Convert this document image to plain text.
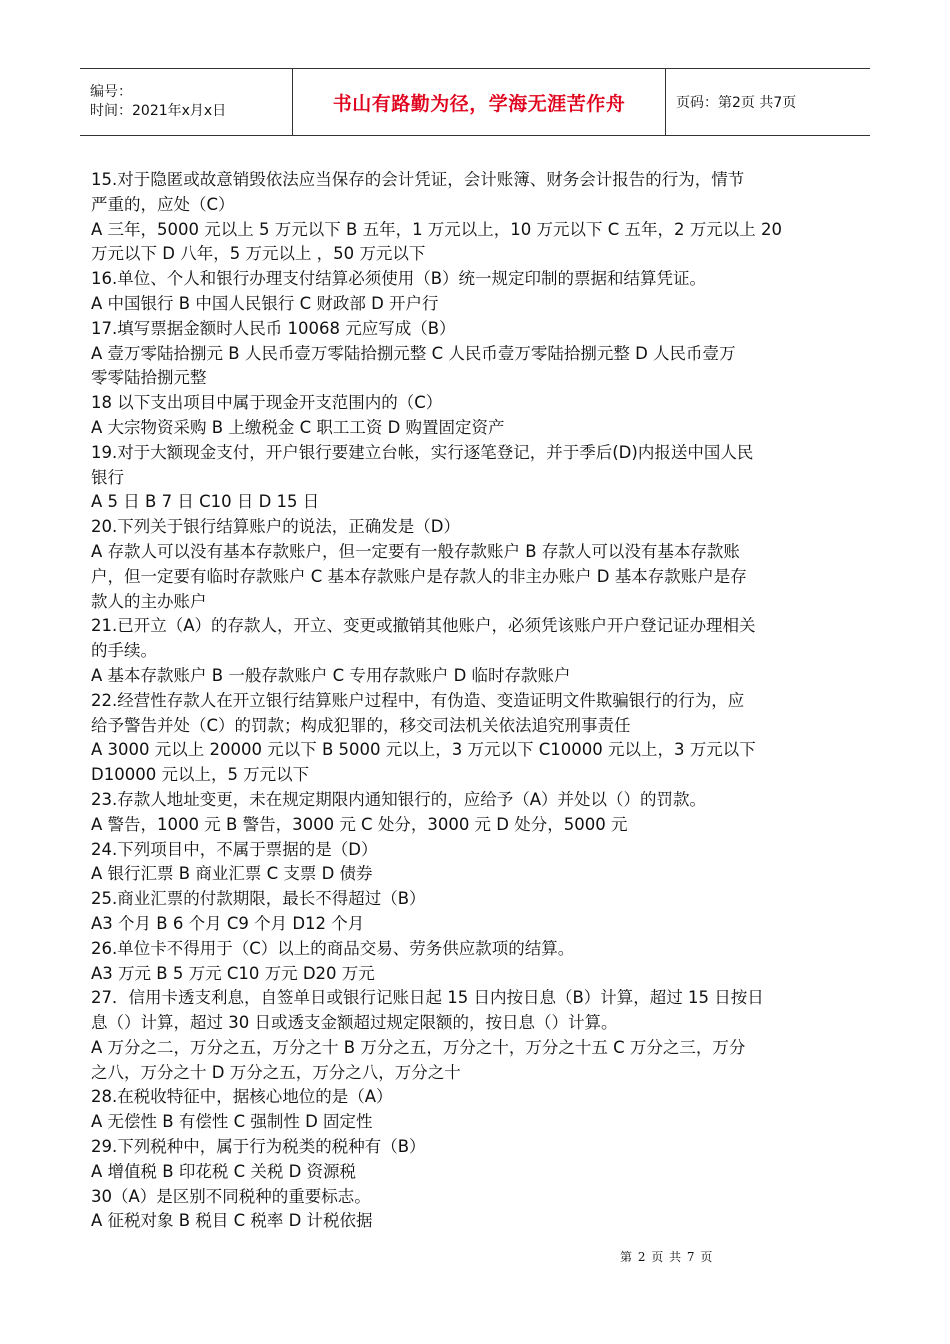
编号：
时间：2021年x月x日	书山有路勤为径，学海无涯苦作舟	页码：第2页 共7页

15.对于隐匿或故意销毁依法应当保存的会计凭证，会计账簿、财务会计报告的行为，情节

严重的，应处（C）

A 三年，5000 元以上 5 万元以下 B 五年，1 万元以上，10 万元以下 C 五年，2 万元以上 20

万元以下 D 八年，5 万元以上 ，50 万元以下

16.单位、个人和银行办理支付结算必须使用（B）统一规定印制的票据和结算凭证。

A 中国银行 B 中国人民银行 C 财政部 D 开户行

17.填写票据金额时人民币 10068 元应写成（B）

A 壹万零陆拾捌元 B 人民币壹万零陆拾捌元整 C 人民币壹万零陆拾捌元整 D 人民币壹万

零零陆拾捌元整

18 以下支出项目中属于现金开支范围内的（C）

A 大宗物资采购 B 上缴税金 C 职工工资 D 购置固定资产

19.对于大额现金支付，开户银行要建立台帐，实行逐笔登记，并于季后(D)内报送中国人民

银行

A 5 日 B 7 日 C10 日 D 15 日

20.下列关于银行结算账户的说法，正确发是（D）

A 存款人可以没有基本存款账户，但一定要有一般存款账户 B 存款人可以没有基本存款账

户，但一定要有临时存款账户 C 基本存款账户是存款人的非主办账户 D 基本存款账户是存

款人的主办账户

21.已开立（A）的存款人，开立、变更或撤销其他账户，必须凭该账户开户登记证办理相关

的手续。

A 基本存款账户 B 一般存款账户 C 专用存款账户 D 临时存款账户

22.经营性存款人在开立银行结算账户过程中，有伪造、变造证明文件欺骗银行的行为，应

给予警告并处（C）的罚款；构成犯罪的，移交司法机关依法追究刑事责任

A 3000 元以上 20000 元以下 B 5000 元以上，3 万元以下 C10000 元以上，3 万元以下

D10000 元以上，5 万元以下

23.存款人地址变更，未在规定期限内通知银行的，应给予（A）并处以（）的罚款。

A 警告，1000 元 B 警告，3000 元 C 处分，3000 元 D 处分，5000 元

24.下列项目中，不属于票据的是（D）

A 银行汇票 B 商业汇票 C 支票 D 债券

25.商业汇票的付款期限，最长不得超过（B）

A3 个月 B 6 个月 C9 个月 D12 个月

26.单位卡不得用于（C）以上的商品交易、劳务供应款项的结算。

A3 万元 B 5 万元 C10 万元 D20 万元

27．信用卡透支利息，自签单日或银行记账日起 15 日内按日息（B）计算，超过 15 日按日

息（）计算，超过 30 日或透支金额超过规定限额的，按日息（）计算。

A 万分之二，万分之五，万分之十 B 万分之五，万分之十，万分之十五 C 万分之三，万分

之八，万分之十 D 万分之五，万分之八，万分之十

28.在税收特征中，据核心地位的是（A）

A 无偿性 B 有偿性 C 强制性 D 固定性

29.下列税种中，属于行为税类的税种有（B）

A 增值税 B 印花税 C 关税 D 资源税

30（A）是区别不同税种的重要标志。

A 征税对象 B 税目 C 税率 D 计税依据

第 2 页 共 7 页
